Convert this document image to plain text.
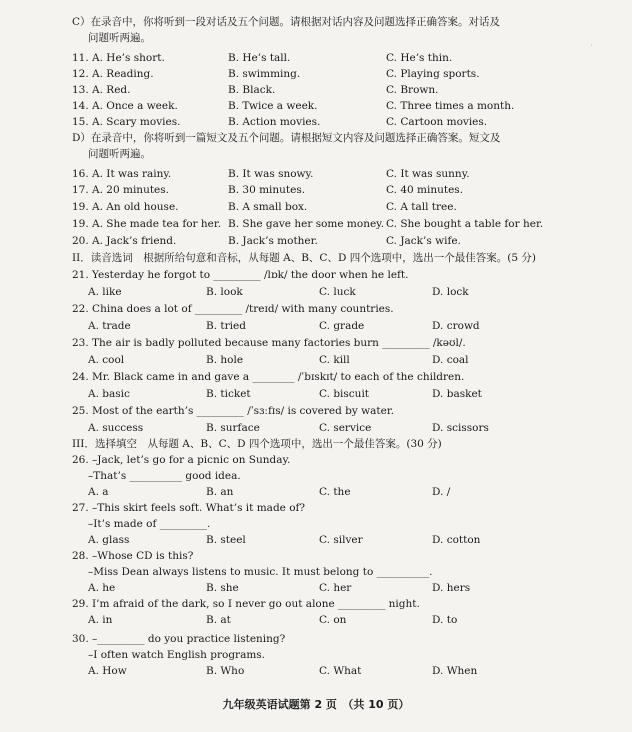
·
C）在录音中，你将听到一段对话及五个问题。请根据对话内容及问题选择正确答案。对话及
问题听两遍。
11. A. He’s short.	B. He’s tall.	C. He’s thin.
12. A. Reading.	B. swimming.	C. Playing sports.
13. A. Red.	B. Black.	C. Brown.
14. A. Once a week.	B. Twice a week.	C. Three times a month.
15. A. Scary movies.	B. Action movies.	C. Cartoon movies.
D）在录音中，你将听到一篇短文及五个问题。请根据短文内容及问题选择正确答案。短文及
问题听两遍。
16. A. It was rainy.	B. It was snowy.	C. It was sunny.
17. A. 20 minutes.	B. 30 minutes.	C. 40 minutes.
19. A. An old house.	B. A small box.	C. A tall tree.
19. A. She made tea for her. B. She gave her some money. C. She bought a table for her.
20. A. Jack’s friend.	B. Jack’s mother.	C. Jack’s wife.
II．读音选词　根据所给句意和音标，从每题 A、B、C、D 四个选项中，选出一个最佳答案。(5 分)
21. Yesterday he forgot to _________ /lɒk/ the door when he left.
A. like	B. look	C. luck	D. lock
22. China does a lot of _________ /treɪd/ with many countries.
A. trade	B. tried	C. grade	D. crowd
23. The air is badly polluted because many factories burn _________ /kəʊl/.
A. cool	B. hole	C. kill	D. coal
24. Mr. Black came in and gave a ________ /ˈbɪskɪt/ to each of the children.
A. basic	B. ticket	C. biscuit	D. basket
25. Most of the earth’s _________ /ˈsɜːfɪs/ is covered by water.
A. success	B. surface	C. service	D. scissors
III．选择填空　从每题 A、B、C、D 四个选项中，选出一个最佳答案。(30 分)
26. –Jack, let’s go for a picnic on Sunday.
–That’s __________ good idea.
A. a	B. an	C. the	D. /
27. –This skirt feels soft. What’s it made of?
–It’s made of _________.
A. glass	B. steel	C. silver	D. cotton
28. –Whose CD is this?
–Miss Dean always listens to music. It must belong to __________.
A. he	B. she	C. her	D. hers
29. I’m afraid of the dark, so I never go out alone _________ night.
A. in	B. at	C. on	D. to
30. –_________ do you practice listening?
–I often watch English programs.
A. How	B. Who	C. What	D. When
九年级英语试题第 2 页　（共 10 页）
